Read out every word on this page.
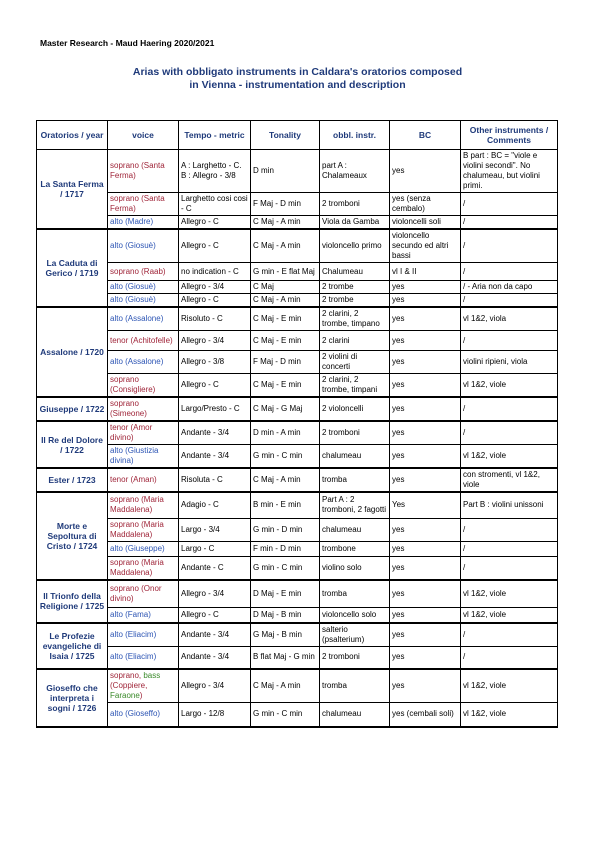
Master Research - Maud Haering 2020/2021
Arias with obbligato instruments in Caldara's oratorios composed
in Vienna - instrumentation and description
Oratorios / year	voice	Tempo - metric	Tonality	obbl. instr.	BC	Other instruments / Comments
La Santa Ferma / 1717	soprano (Santa Ferma)	A : Larghetto - C. B : Allegro - 3/8	D min	part A : Chalameaux	yes	B part : BC = "viole e violini secondi". No chalumeau, but violini primi.
	soprano (Santa Ferma)	Larghetto cosi cosi - C	F Maj - D min	2 tromboni	yes (senza cembalo)	/
	alto (Madre)	Allegro - C	C Maj - A min	Viola da Gamba	violoncelli soli	/
La Caduta di Gerico / 1719	alto (Giosuè)	Allegro - C	C Maj - A min	violoncello primo	violoncello secundo ed altri bassi	/
	soprano (Raab)	no indication - C	G min - E flat Maj	Chalumeau	vl I & II	/
	alto (Giosuè)	Allegro - 3/4	C Maj	2 trombe	yes	/ - Aria non da capo
	alto (Giosuè)	Allegro - C	C Maj - A min	2 trombe	yes	/
Assalone / 1720	alto (Assalone)	Risoluto - C	C Maj - E min	2 clarini, 2 trombe, timpano	yes	vl 1&2, viola
	tenor (Achitofelle)	Allegro - 3/4	C Maj - E min	2 clarini	yes	/
	alto (Assalone)	Allegro - 3/8	F Maj - D min	2 violini di concerti	yes	violini ripieni, viola
	soprano (Consigliere)	Allegro - C	C Maj - E min	2 clarini, 2 trombe, timpani	yes	vl 1&2, viole
Giuseppe / 1722	soprano (Simeone)	Largo/Presto - C	C Maj - G Maj	2 violoncelli	yes	/
Il Re del Dolore / 1722	tenor (Amor divino)	Andante - 3/4	D min - A min	2 tromboni	yes	/
	alto (Giustizia divina)	Andante - 3/4	G min - C min	chalumeau	yes	vl 1&2, viole
Ester / 1723	tenor (Aman)	Risoluta - C	C Maj - A min	tromba	yes	con stromenti, vl 1&2, viole
Morte e Sepoltura di Cristo / 1724	soprano (Maria Maddalena)	Adagio - C	B min - E min	Part A : 2 tromboni, 2 fagotti	Yes	Part B : violini unissoni
	soprano (Maria Maddalena)	Largo - 3/4	G min - D min	chalumeau	yes	/
	alto (Giuseppe)	Largo - C	F min - D min	trombone	yes	/
	soprano (Maria Maddalena)	Andante - C	G min - C min	violino solo	yes	/
Il Trionfo della Religione / 1725	soprano (Onor divino)	Allegro - 3/4	D Maj - E min	tromba	yes	vl 1&2, viole
	alto (Fama)	Allegro - C	D Maj - B min	violoncello solo	yes	vl 1&2, viole
Le Profezie evangeliche di Isaia / 1725	alto (Eliacim)	Andante - 3/4	G Maj - B min	salterio (psalterium)	yes	/
	alto (Eliacim)	Andante - 3/4	B flat Maj - G min	2 tromboni	yes	/
Gioseffo che interpreta i sogni / 1726	soprano, bass (Coppiere, Faraone)	Allegro - 3/4	C Maj - A min	tromba	yes	vl 1&2, viole
	alto (Gioseffo)	Largo - 12/8	G min - C min	chalumeau	yes (cembali soli)	vl 1&2, viole
